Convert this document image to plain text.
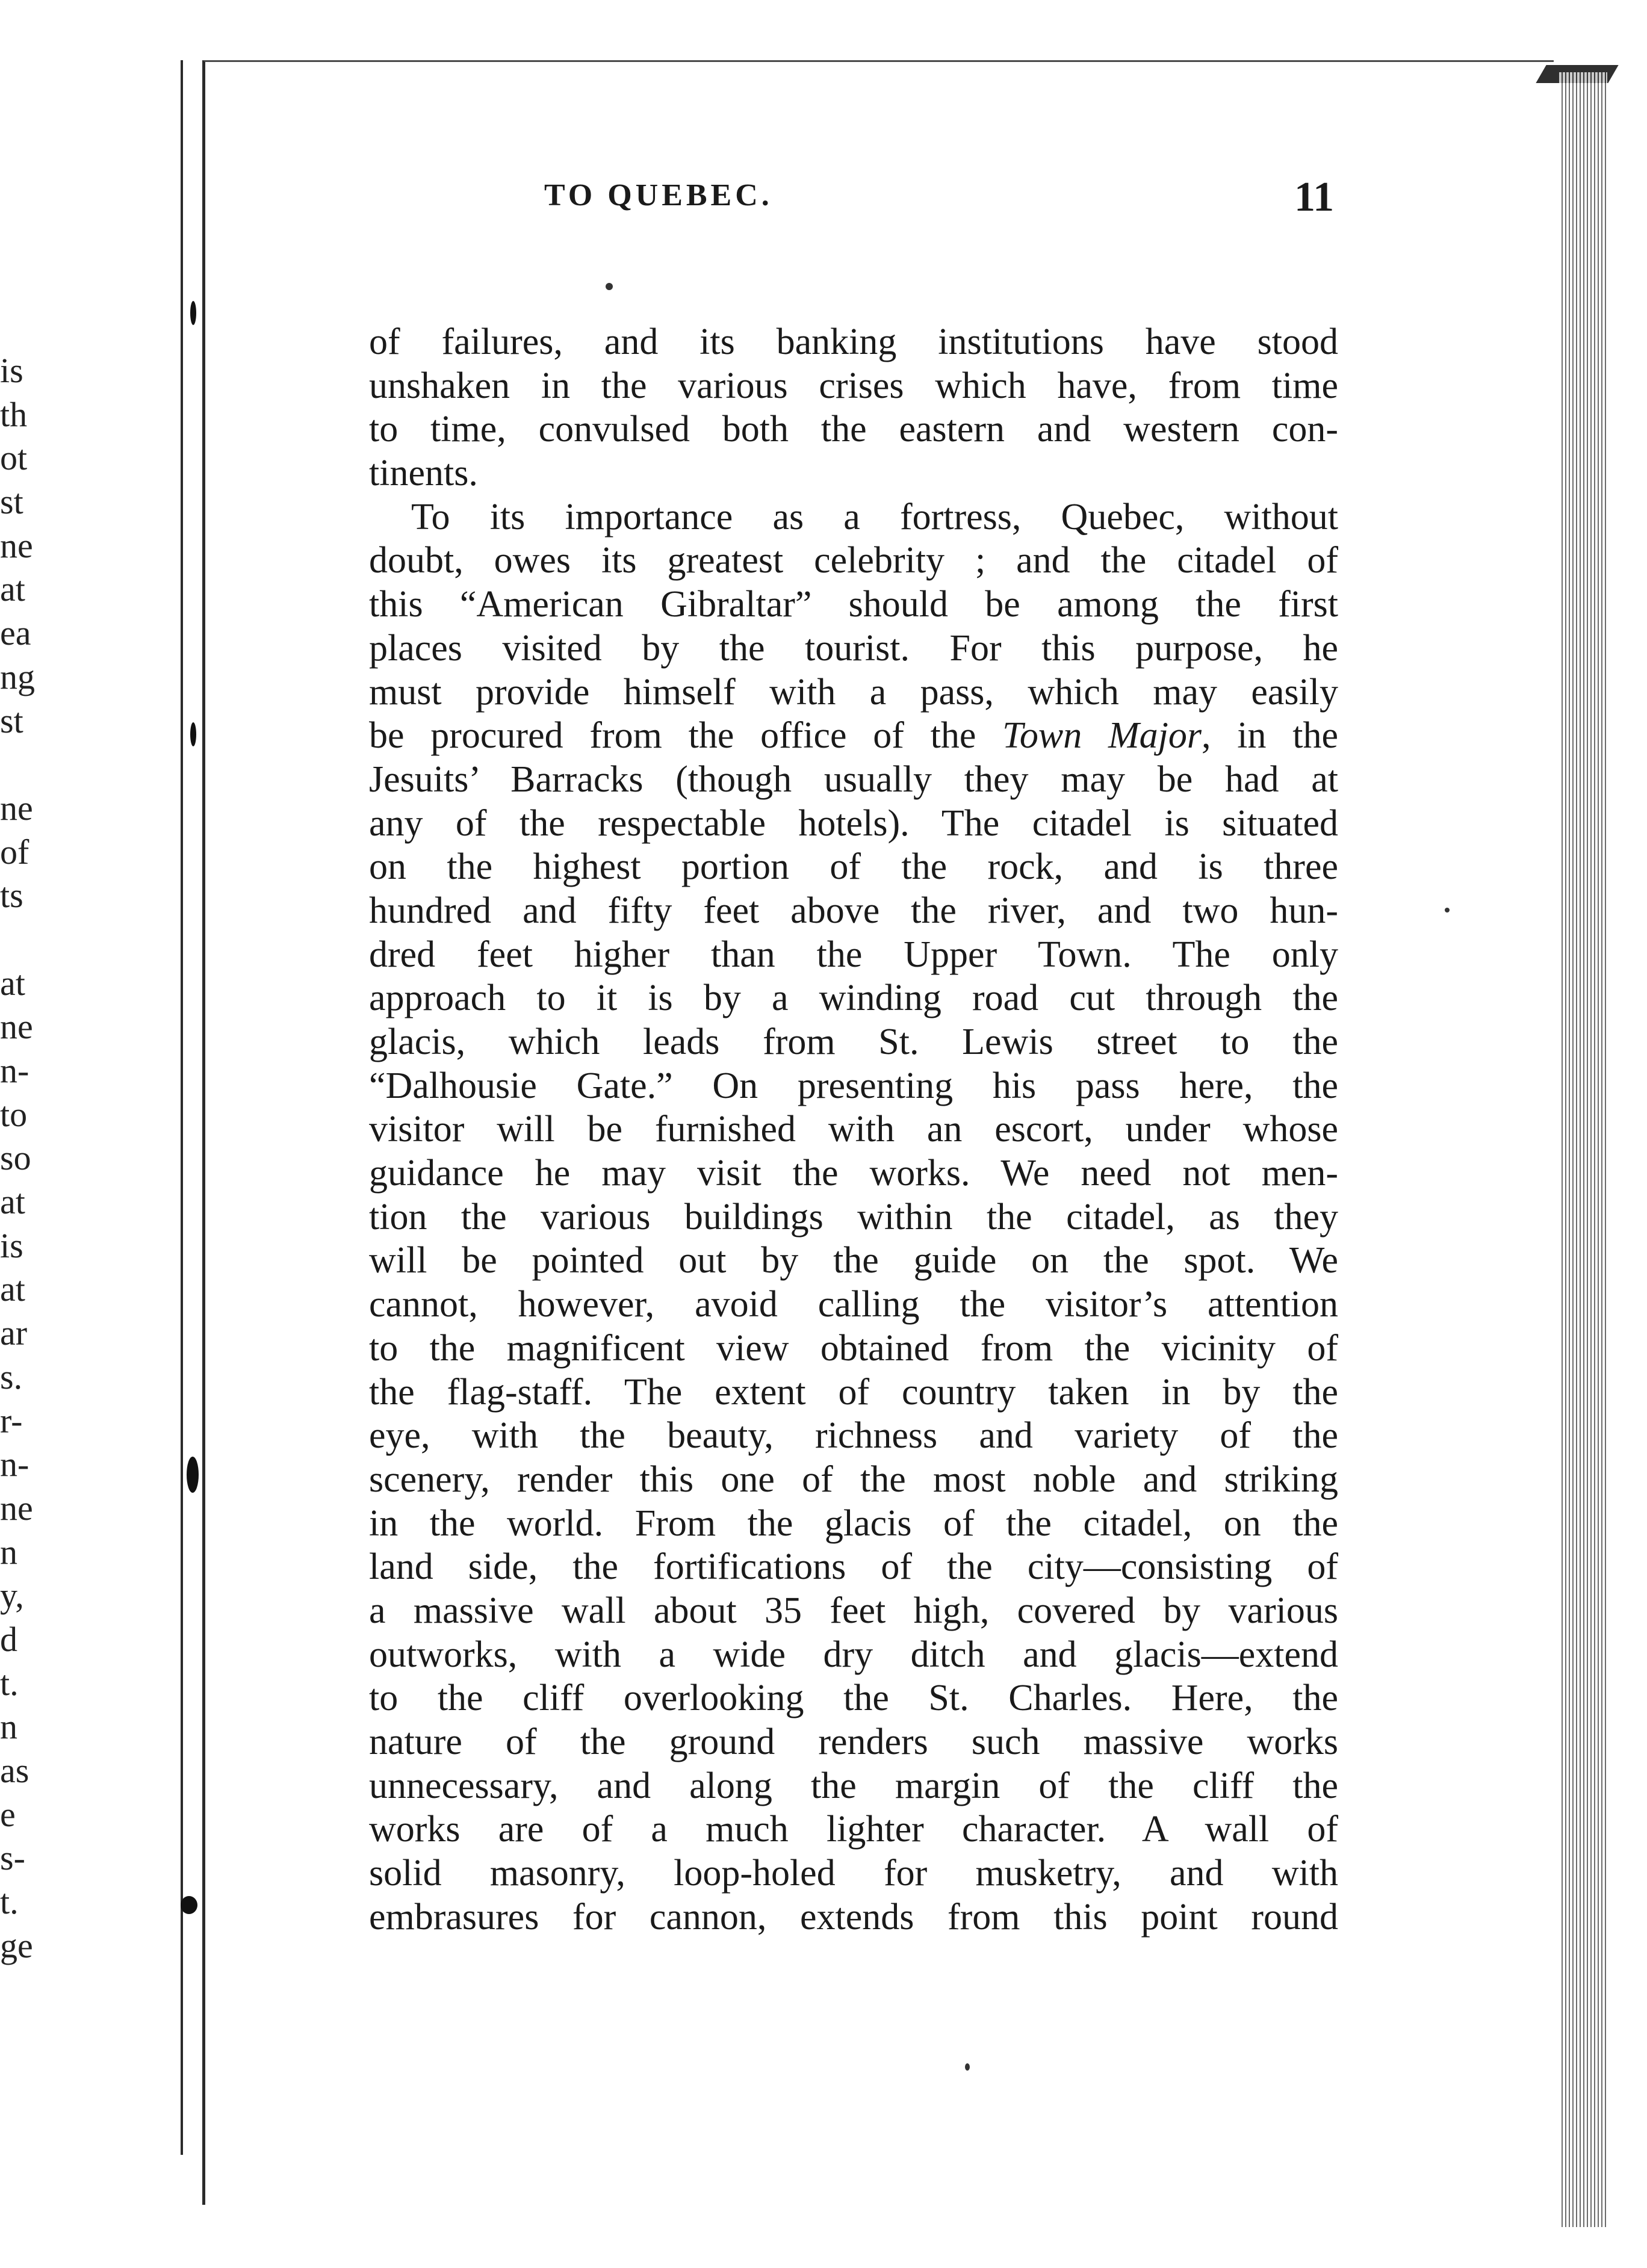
is
th
ot
st
ne
at
ea
ng
st
ne
of
ts
at
ne
n-
to
so
at
is
at
ar
s.
r-
n-
ne
n
y,
d
t.
n
as
e
s-
t.
ge
TO QUEBEC.	11
of failures, and its banking institutions have stood
unshaken in the various crises which have, from time
to time, convulsed both the eastern and western con-
tinents.
To its importance as a fortress, Quebec, without
doubt, owes its greatest celebrity ; and the citadel of
this “American Gibraltar” should be among the first
places visited by the tourist. For this purpose, he
must provide himself with a pass, which may easily
be procured from the office of the Town Major, in the
Jesuits’ Barracks (though usually they may be had at
any of the respectable hotels). The citadel is situated
on the highest portion of the rock, and is three
hundred and fifty feet above the river, and two hun-
dred feet higher than the Upper Town. The only
approach to it is by a winding road cut through the
glacis, which leads from St. Lewis street to the
“Dalhousie Gate.” On presenting his pass here, the
visitor will be furnished with an escort, under whose
guidance he may visit the works. We need not men-
tion the various buildings within the citadel, as they
will be pointed out by the guide on the spot. We
cannot, however, avoid calling the visitor’s attention
to the magnificent view obtained from the vicinity of
the flag-staff. The extent of country taken in by the
eye, with the beauty, richness and variety of the
scenery, render this one of the most noble and striking
in the world. From the glacis of the citadel, on the
land side, the fortifications of the city—consisting of
a massive wall about 35 feet high, covered by various
outworks, with a wide dry ditch and glacis—extend
to the cliff overlooking the St. Charles. Here, the
nature of the ground renders such massive works
unnecessary, and along the margin of the cliff the
works are of a much lighter character. A wall of
solid masonry, loop-holed for musketry, and with
embrasures for cannon, extends from this point round
